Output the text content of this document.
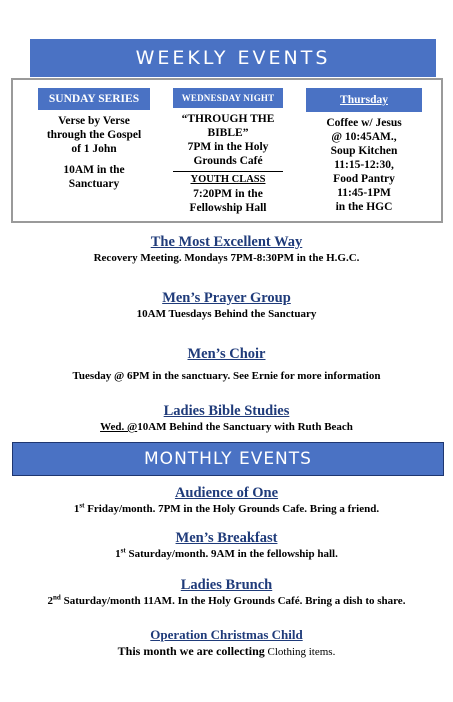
WEEKLY EVENTS
SUNDAY SERIES

Verse by Verse

through the Gospel

of 1 John

10AM in the

Sanctuary

WEDNESDAY NIGHT

“THROUGH THE

BIBLE”

7PM in the Holy

Grounds Café

YOUTH CLASS

7:20PM in the

Fellowship Hall

Thursday

Coffee w/ Jesus

@ 10:45AM.,

Soup Kitchen

11:15-12:30,

Food Pantry

11:45-1PM

in the HGC

The Most Excellent Way
Recovery Meeting. Mondays 7PM-8:30PM in the H.G.C.
Men’s Prayer Group
10AM Tuesdays Behind the Sanctuary
Men’s Choir
Tuesday @ 6PM in the sanctuary. See Ernie for more information
Ladies Bible Studies
Wed. @10AM Behind the Sanctuary with Ruth Beach
MONTHLY EVENTS
Audience of One
1st Friday/month. 7PM in the Holy Grounds Cafe. Bring a friend.
Men’s Breakfast
1st Saturday/month. 9AM in the fellowship hall.
Ladies Brunch
2nd Saturday/month 11AM. In the Holy Grounds Café. Bring a dish to share.
Operation Christmas Child
This month we are collecting Clothing items.
